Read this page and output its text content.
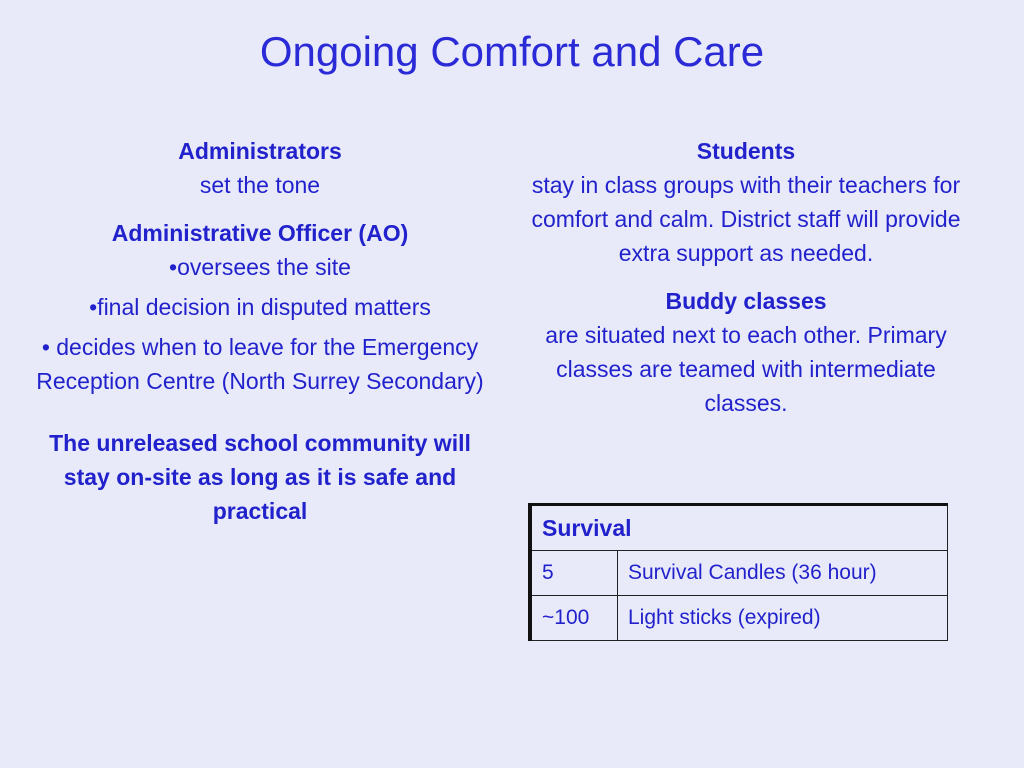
Ongoing Comfort and Care

Administrators

set the tone

Administrative Officer (AO)

•oversees the site

•final decision in disputed matters

• decides when to leave for the Emergency Reception Centre (North Surrey Secondary)

The unreleased school community will stay on-site as long as it is safe and practical

Students

stay in class groups with their teachers for comfort and calm. District staff will provide extra support as needed.

Buddy classes

are situated next to each other. Primary classes are teamed with intermediate classes.

Survival	
5	Survival Candles (36 hour)
~100	Light sticks (expired)
